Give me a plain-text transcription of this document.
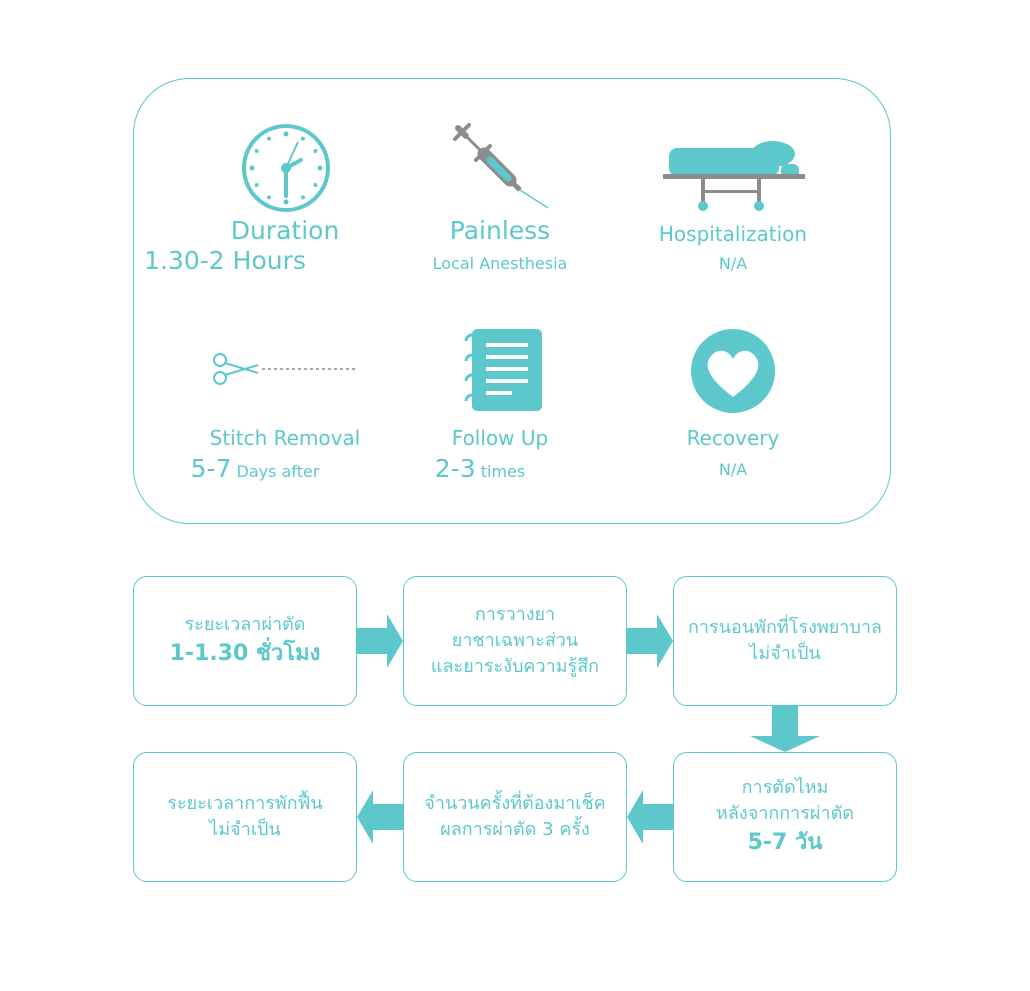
Duration
1.30-2 Hours
Painless
Local Anesthesia
Hospitalization
N/A
Stitch Removal
5-7 Days after
Follow Up
2-3 times
Recovery
N/A
ระยะเวลาผ่าตัด
1-1.30 ชั่วโมง
การวางยา
ยาชาเฉพาะส่วน
และยาระงับความรู้สึก
การนอนพักที่โรงพยาบาล
ไม่จำเป็น
ระยะเวลาการพักฟื้น
ไม่จำเป็น
จำนวนครั้งที่ต้องมาเช็ค
ผลการผ่าตัด 3 ครั้ง
การตัดไหม
หลังจากการผ่าตัด
5-7 วัน
